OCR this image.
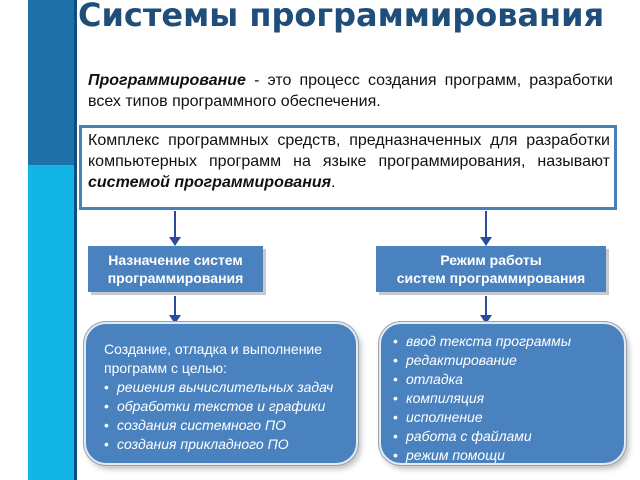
Системы программирования

Программирование - это процесс создания программ, разработки всех типов программного обеспечения.

Комплекс программных средств, предназначенных для разработки компьютерных программ на языке программирования, называют системой программирования.
Назначение систем
программирования
Режим работы
систем программирования

Создание, отладка и выполнение программ с целью:

• решения вычислительных задач
• обработки текстов и графики
• создания системного ПО
• создания прикладного ПО
• ввод текста программы
• редактирование
• отладка
• компиляция
• исполнение
• работа с файлами
• режим помощи
